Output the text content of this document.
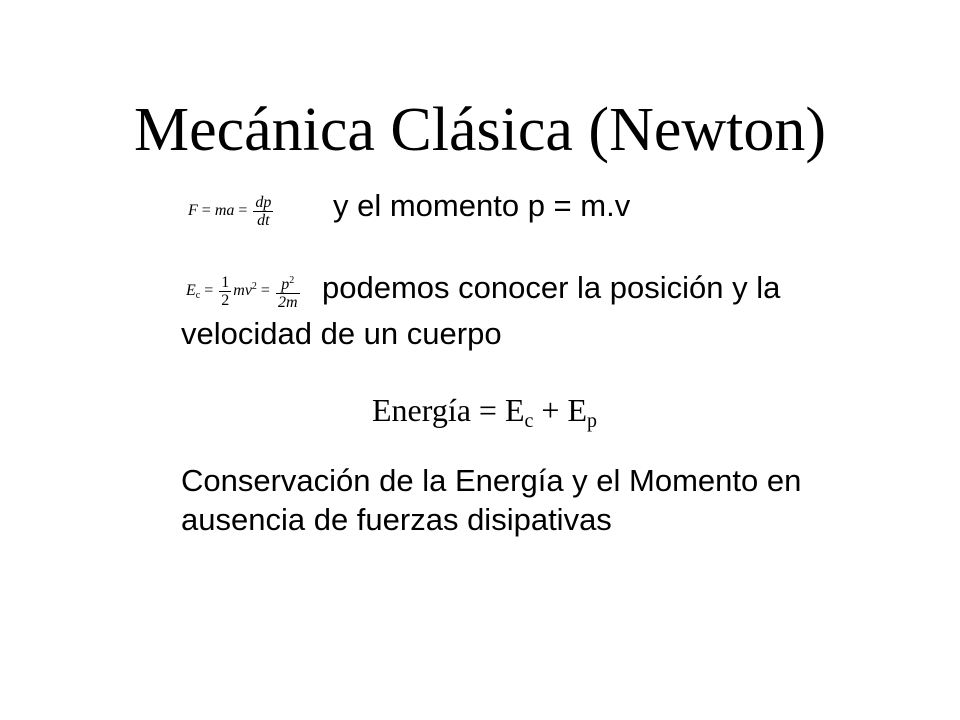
Mecánica Clásica (Newton)
F = ma = $\frac{dp}{dt}$ y el momento p = m.v
$E_c = \frac{1}{2} mv^2 = \frac{p^2}{2m}$ podemos conocer la posición y la
velocidad de un cuerpo
Energía = Ec + Ep
Conservación de la Energía y el Momento en
ausencia de fuerzas disipativas
